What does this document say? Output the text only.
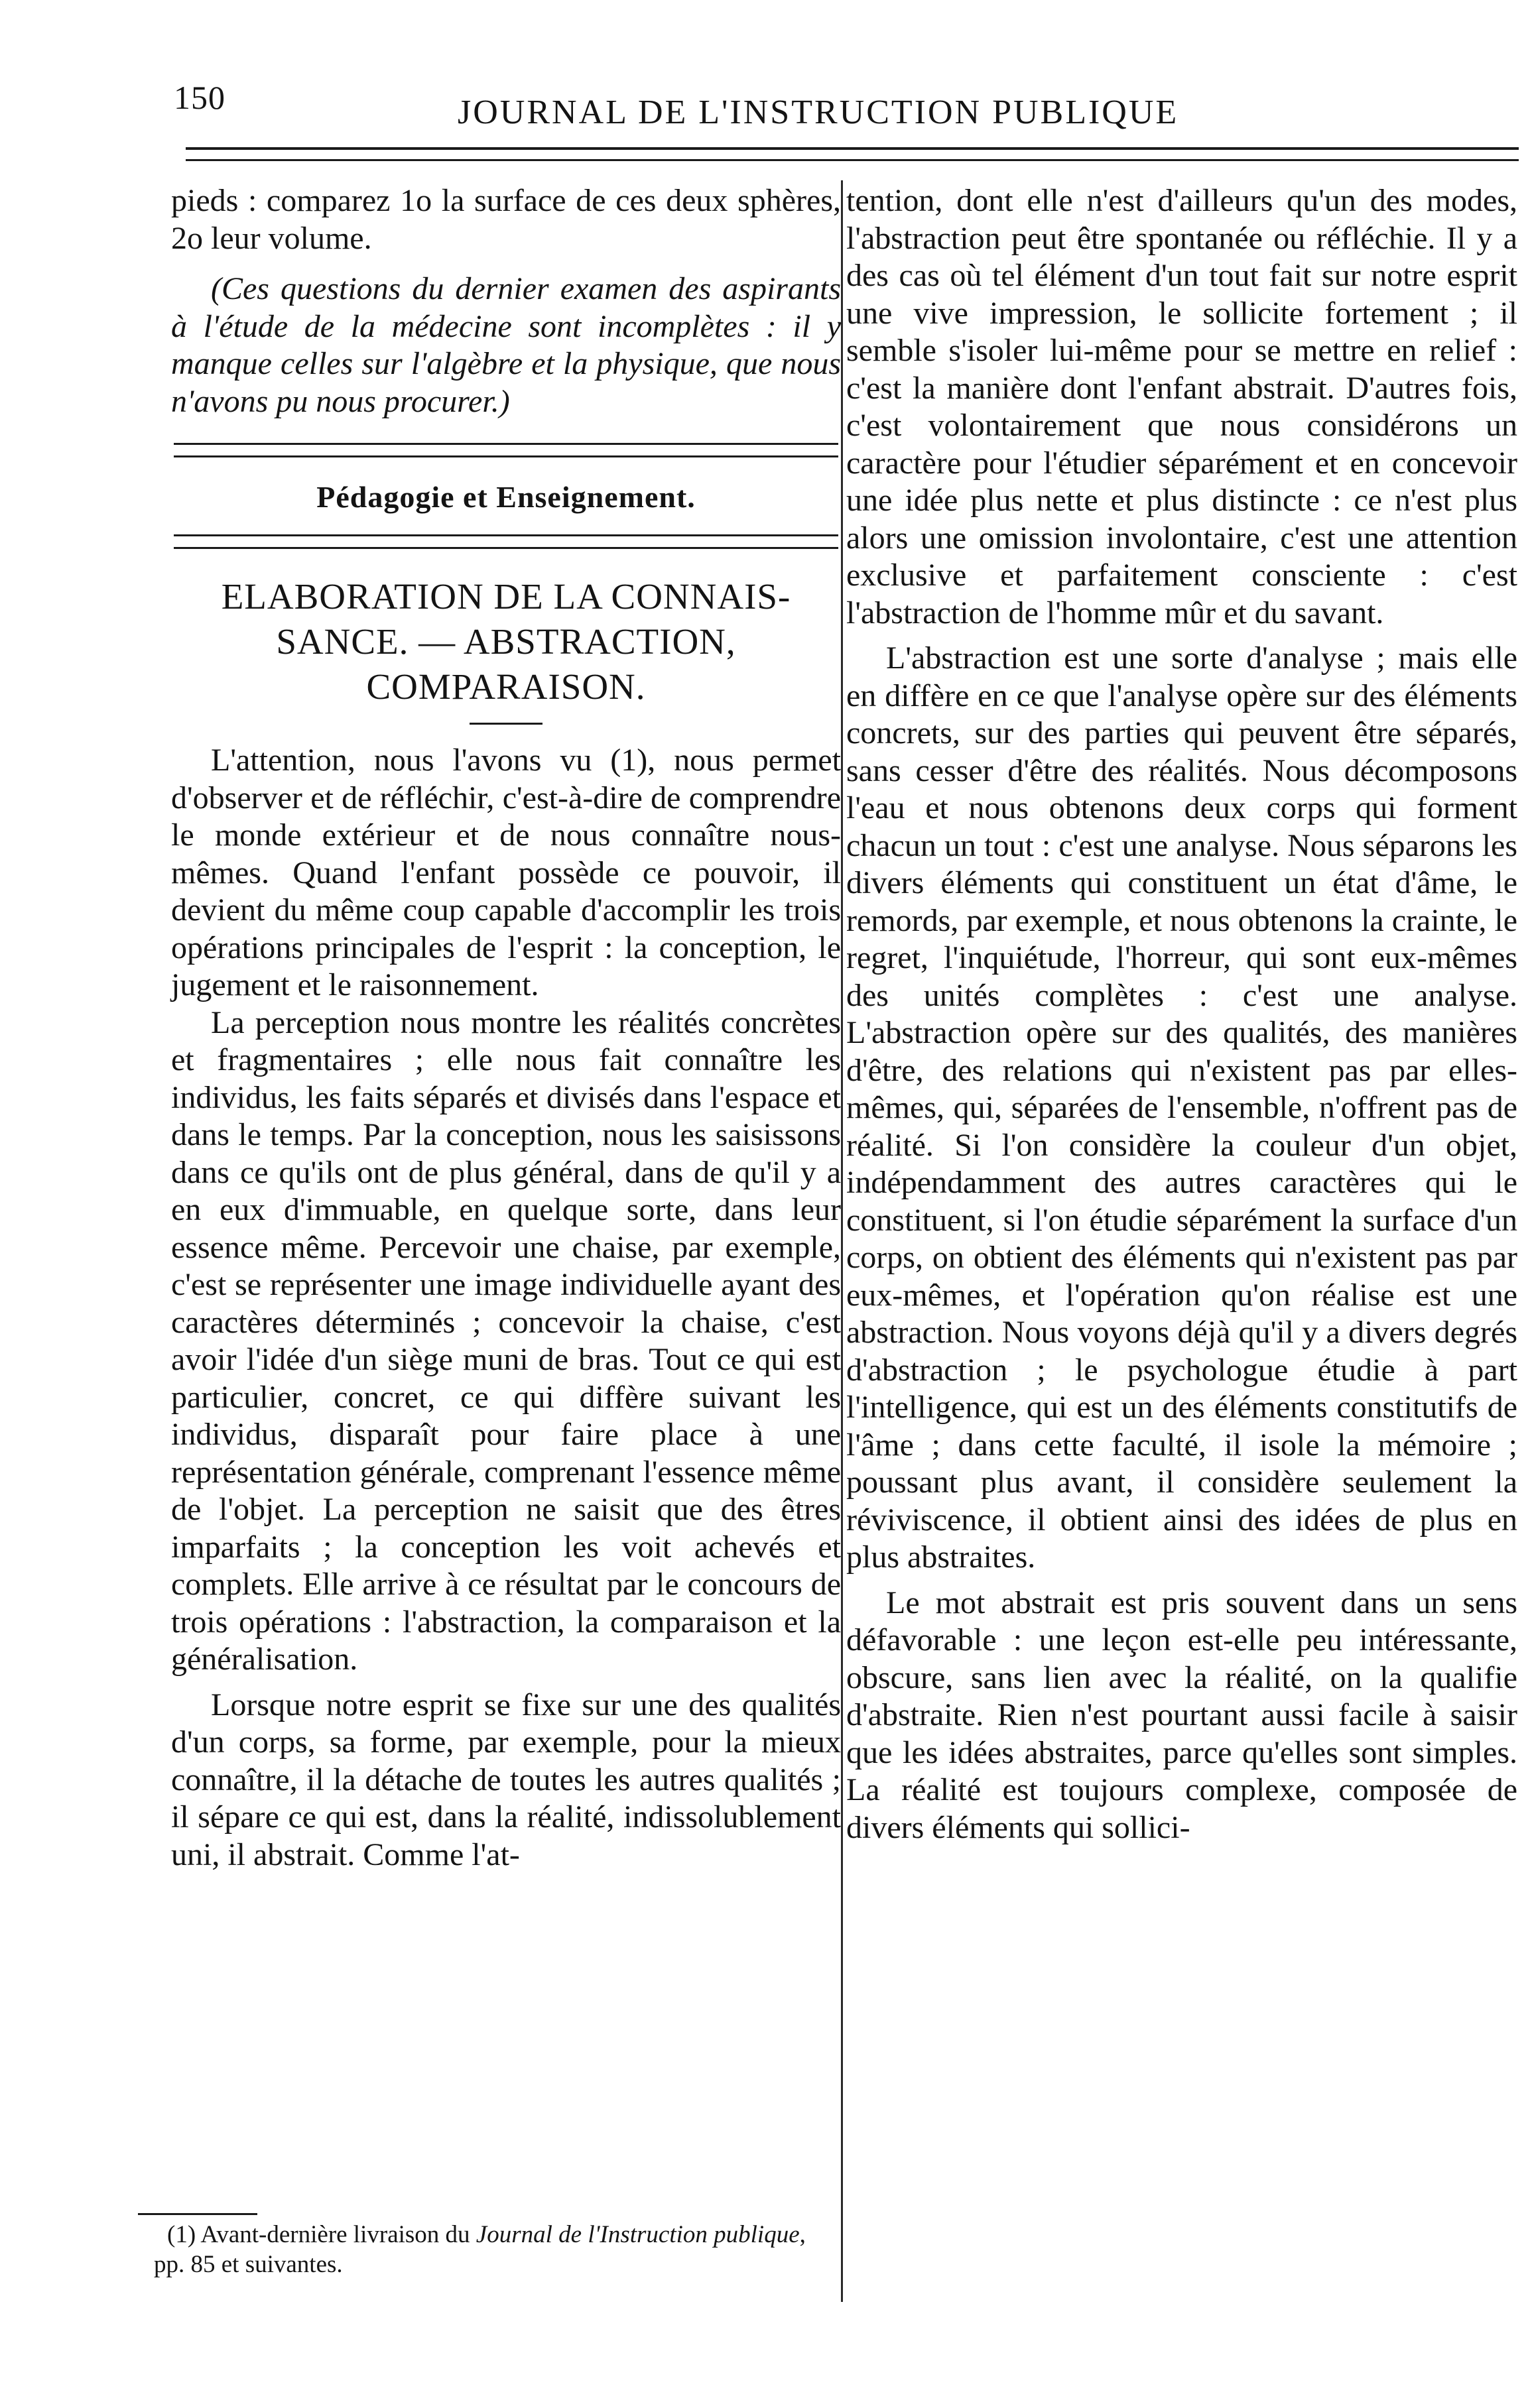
150	JOURNAL DE L'INSTRUCTION PUBLIQUE

pieds : comparez 1o la surface de ces deux sphères, 2o leur volume.

(Ces questions du dernier examen des aspirants à l'étude de la médecine sont incomplètes : il y manque celles sur l'algèbre et la physique, que nous n'avons pu nous procurer.)

Pédagogie et Enseignement.
ELABORATION DE LA CONNAIS-
SANCE. — ABSTRACTION,
COMPARAISON.

L'attention, nous l'avons vu (1), nous permet d'observer et de réfléchir, c'est-à-dire de comprendre le monde extérieur et de nous connaître nous-mêmes. Quand l'enfant possède ce pouvoir, il devient du même coup capable d'accomplir les trois opérations principales de l'esprit : la conception, le jugement et le raisonnement.

La perception nous montre les réalités concrètes et fragmentaires ; elle nous fait connaître les individus, les faits séparés et divisés dans l'espace et dans le temps. Par la conception, nous les saisissons dans ce qu'ils ont de plus général, dans de qu'il y a en eux d'immuable, en quelque sorte, dans leur essence même. Percevoir une chaise, par exemple, c'est se représenter une image individuelle ayant des caractères déterminés ; concevoir la chaise, c'est avoir l'idée d'un siège muni de bras. Tout ce qui est particulier, concret, ce qui diffère suivant les individus, disparaît pour faire place à une représentation générale, comprenant l'essence même de l'objet. La perception ne saisit que des êtres imparfaits ; la conception les voit achevés et complets. Elle arrive à ce résultat par le concours de trois opérations : l'abstraction, la comparaison et la généralisation.

Lorsque notre esprit se fixe sur une des qualités d'un corps, sa forme, par exemple, pour la mieux connaître, il la détache de toutes les autres qualités ; il sépare ce qui est, dans la réalité, indissolublement uni, il abstrait. Comme l'at-

tention, dont elle n'est d'ailleurs qu'un des modes, l'abstraction peut être spontanée ou réfléchie. Il y a des cas où tel élément d'un tout fait sur notre esprit une vive impression, le sollicite fortement ; il semble s'isoler lui-même pour se mettre en relief : c'est la manière dont l'enfant abstrait. D'autres fois, c'est volontairement que nous considérons un caractère pour l'étudier séparément et en concevoir une idée plus nette et plus distincte : ce n'est plus alors une omission involontaire, c'est une attention exclusive et parfaitement consciente : c'est l'abstraction de l'homme mûr et du savant.

L'abstraction est une sorte d'analyse ; mais elle en diffère en ce que l'analyse opère sur des éléments concrets, sur des parties qui peuvent être séparés, sans cesser d'être des réalités. Nous décomposons l'eau et nous obtenons deux corps qui forment chacun un tout : c'est une analyse. Nous séparons les divers éléments qui constituent un état d'âme, le remords, par exemple, et nous obtenons la crainte, le regret, l'inquiétude, l'horreur, qui sont eux-mêmes des unités complètes : c'est une analyse. L'abstraction opère sur des qualités, des manières d'être, des relations qui n'existent pas par elles-mêmes, qui, séparées de l'ensemble, n'offrent pas de réalité. Si l'on considère la couleur d'un objet, indépendamment des autres caractères qui le constituent, si l'on étudie séparément la surface d'un corps, on obtient des éléments qui n'existent pas par eux-mêmes, et l'opération qu'on réalise est une abstraction. Nous voyons déjà qu'il y a divers degrés d'abstraction ; le psychologue étudie à part l'intelligence, qui est un des éléments constitutifs de l'âme ; dans cette faculté, il isole la mémoire ; poussant plus avant, il considère seulement la réviviscence, il obtient ainsi des idées de plus en plus abstraites.

Le mot abstrait est pris souvent dans un sens défavorable : une leçon est-elle peu intéressante, obscure, sans lien avec la réalité, on la qualifie d'abstraite. Rien n'est pourtant aussi facile à saisir que les idées abstraites, parce qu'elles sont simples. La réalité est toujours complexe, composée de divers éléments qui sollici-

(1) Avant-dernière livraison du Journal de l'Instruction publique, pp. 85 et suivantes.
